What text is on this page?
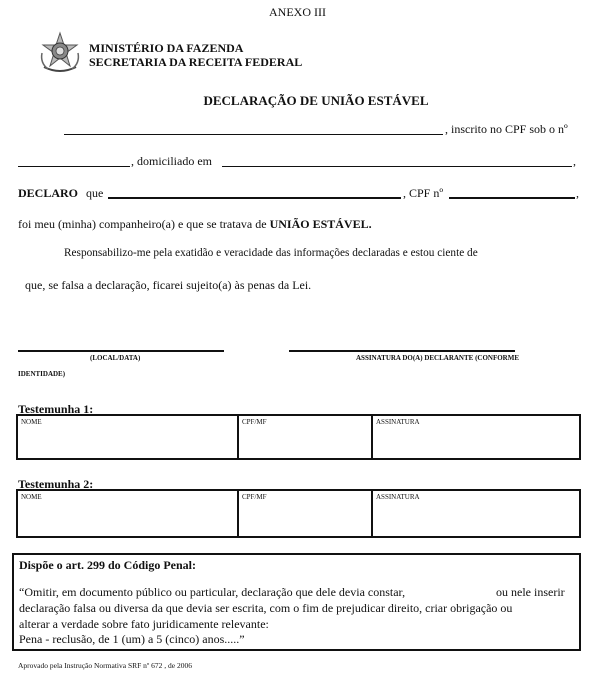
ANEXO III
MINISTÉRIO DA FAZENDA
SECRETARIA DA RECEITA FEDERAL
DECLARAÇÃO DE UNIÃO ESTÁVEL
, inscrito no CPF sob o nº
, domiciliado em	,
DECLARO que	, CPF nº	,
foi meu (minha) companheiro(a) e que se tratava de UNIÃO ESTÁVEL.
Responsabilizo-me pela exatidão e veracidade das informações declaradas e estou ciente de
que, se falsa a declaração, ficarei sujeito(a) às penas da Lei.
(LOCAL/DATA)	ASSINATURA DO(A) DECLARANTE (CONFORME
IDENTIDADE)
Testemunha 1:
NOME	CPF/MF	ASSINATURA
Testemunha 2:
NOME	CPF/MF	ASSINATURA
Dispõe o art. 299 do Código Penal:
“Omitir, em documento público ou particular, declaração que dele devia constar,	ou nele inserir
declaração falsa ou diversa da que devia ser escrita, com o fim de prejudicar direito, criar obrigação ou
alterar a verdade sobre fato juridicamente relevante:
Pena - reclusão, de 1 (um) a 5 (cinco) anos.....”
Aprovado pela Instrução Normativa SRF nº 672 , de 2006
